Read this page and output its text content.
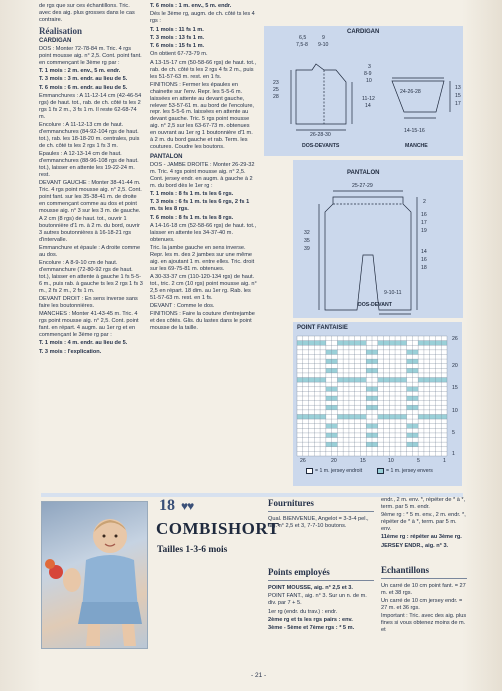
de rgs que sur ces échantillons. Tric. avec des aig. plus grosses dans le cas contraire.

Réalisation

CARDIGAN

DOS : Monter 72-78-84 m. Tric. 4 rgs point mousse aig. n° 2,5. Cont. point fant. en commençant le 3ème rg par :

T. 1 mois : 2 m. env., 5 m. endr.

T. 3 mois : 3 m. endr. au lieu de 5.

T. 6 mois : 6 m. endr. au lieu de 5.

Emmanchures : A 11-12-14 cm (42-46-54 rgs) de haut. tot., rab. de ch. côté ts les 2 rgs 1 fs 2 m., 3 fs 1 m. Il reste 62-68-74 m.

Encolure : A 11-12-13 cm de haut. d'emmanchures (84-92-104 rgs de haut. tot.), rab. les 18-18-20 m. centrales, puis de ch. côté ts les 2 rgs 1 fs 3 m.

Epaules : A 12-13-14 cm de haut. d'emmanchures (88-96-108 rgs de haut. tot.), laisser en attente les 19-22-24 m. rest.

DEVANT GAUCHE : Monter 38-41-44 m. Tric. 4 rgs point mousse aig. n° 2,5. Cont. point fant. sur les 35-38-41 m. de droite en commençant comme au dos et point mousse aig. n° 3 sur les 3 m. de gauche.

A 2 cm (8 rgs) de haut. tot., ouvrir 1 boutonnière d'1 m. à 2 m. du bord, ouvrir 3 autres boutonnières à 16-18-21 rgs d'intervalle.

Emmanchure et épaule : A droite comme au dos.

Encolure : A 8-9-10 cm de haut. d'emmanchure (72-80-92 rgs de haut. tot.), laisser en attente à gauche 1 fs 5-5-6 m., puis rab. à gauche ts les 2 rgs 1 fs 3 m., 2 fs 2 m., 2 fs 1 m.

DEVANT DROIT : En sens inverse sans faire les boutonnières.

MANCHES : Monter 41-43-45 m. Tric. 4 rgs point mousse aig. n° 2,5. Cont. point fant. en répart. 4 augm. au 1er rg et en commençant le 3ème rg par :

T. 1 mois : 4 m. endr. au lieu de 5.

T. 3 mois : l'explication.

T. 6 mois : 1 m. env., 5 m. endr.

Dès le 3ème rg, augm. de ch. côté ts les 4 rgs :

T. 1 mois : 11 fs 1 m.

T. 3 mois : 13 fs 1 m.

T. 6 mois : 15 fs 1 m.

On obtient 67-73-79 m.

A 13-15-17 cm (50-58-66 rgs) de haut. tot., rab. de ch. côté ts les 2 rgs 4 fs 2 m., puis les 51-57-63 m. rest. en 1 fs.

FINITIONS : Fermer les épaules en chainette sur l'env. Repr. les 5-5-6 m. laissées en attente au devant gauche, relever 53-57-61 m. au bord de l'encolure, repr. les 5-5-6 m. laissées en attente au devant gauche. Tric. 5 rgs point mousse aig. n° 2,5 sur les 63-67-73 m. obtenues en ouvrant au 1er rg 1 boutonnière d'1 m. à 2 m. du bord gauche et rab. Term. les coutures. Coudre les boutons.

PANTALON

DOS - JAMBE DROITE : Monter 26-29-32 m. Tric. 4 rgs point mousse aig. n° 2,5. Cont. jersey endr. en augm. à gauche à 2 m. du bord dès le 1er rg :

T. 1 mois : 8 fs 1 m. ts les 6 rgs.

T. 3 mois : 6 fs 1 m. ts les 6 rgs, 2 fs 1 m. ts les 8 rgs.

T. 6 mois : 8 fs 1 m. ts les 8 rgs.

A 14-16-18 cm (52-58-66 rgs) de haut. tot., laisser en attente les 34-37-40 m. obtenues.

Tric. la jambe gauche en sens inverse. Repr. les m. des 2 jambes sur une même aig. en ajoutant 1 m. entre elles. Tric. droit sur les 69-75-81 m. obtenues.

A 30-33-37 cm (110-120-134 rgs) de haut. tot., tric. 2 cm (10 rgs) point mousse aig. n° 2,5 en répart. 18 dim. au 1er rg. Rab. les 51-57-63 m. rest. en 1 fs.

DEVANT : Comme le dos.

FINITIONS : Faire la couture d'entrejambe et des côtés. Glis. du lastex dans le point mousse de la taille.

CARDIGAN
6,5	9
7,5-8 9-10
23
25
28
3
8-9
10
11-12
14
26-28-30
DOS-DEVANTS
24-26-28
13
15
17
14-15-16
MANCHE
PANTALON
25-27-29
32
35
39
2
16
17
19
14
16
18
9-10-11
DOS-DEVANT
POINT FANTAISIE
26
20
15
10
5
1
26	20	15	10	5	1
= 1 m. jersey endroit	= 1 m. jersey envers
18 ♥♥
COMBISHORT
Tailles 1-3-6 mois
Fournitures

Qual. BIENVENUE, Angelot = 3-3-4 pel., aig. n° 2,5 et 3, 7-7-10 boutons.

Points employés

POINT MOUSSE, aig. n° 2,5 et 3.

POINT FANT., aig. n° 3. Sur un n. de m. div. par 7 + 5.

1er rg (endr. du trav.) : endr.

2ème rg et ts les rgs pairs : env.

3ème - 5ème et 7ème rgs : * 5 m.

endr., 2 m. env. *, répéter de * à *, term. par 5 m. endr.

9ème rg : * 5 m. env., 2 m. endr. *, répéter de * à *, term. par 5 m. env.

11ème rg : répéter au 3ème rg.

JERSEY ENDR., aig. n° 3.

Echantillons

Un carré de 10 cm point fant. = 27 m. et 38 rgs.

Un carré de 10 cm jersey endr. = 27 m. et 36 rgs.

Important : Tric. avec des aig. plus fines si vous obtenez moins de m. et

- 21 -
